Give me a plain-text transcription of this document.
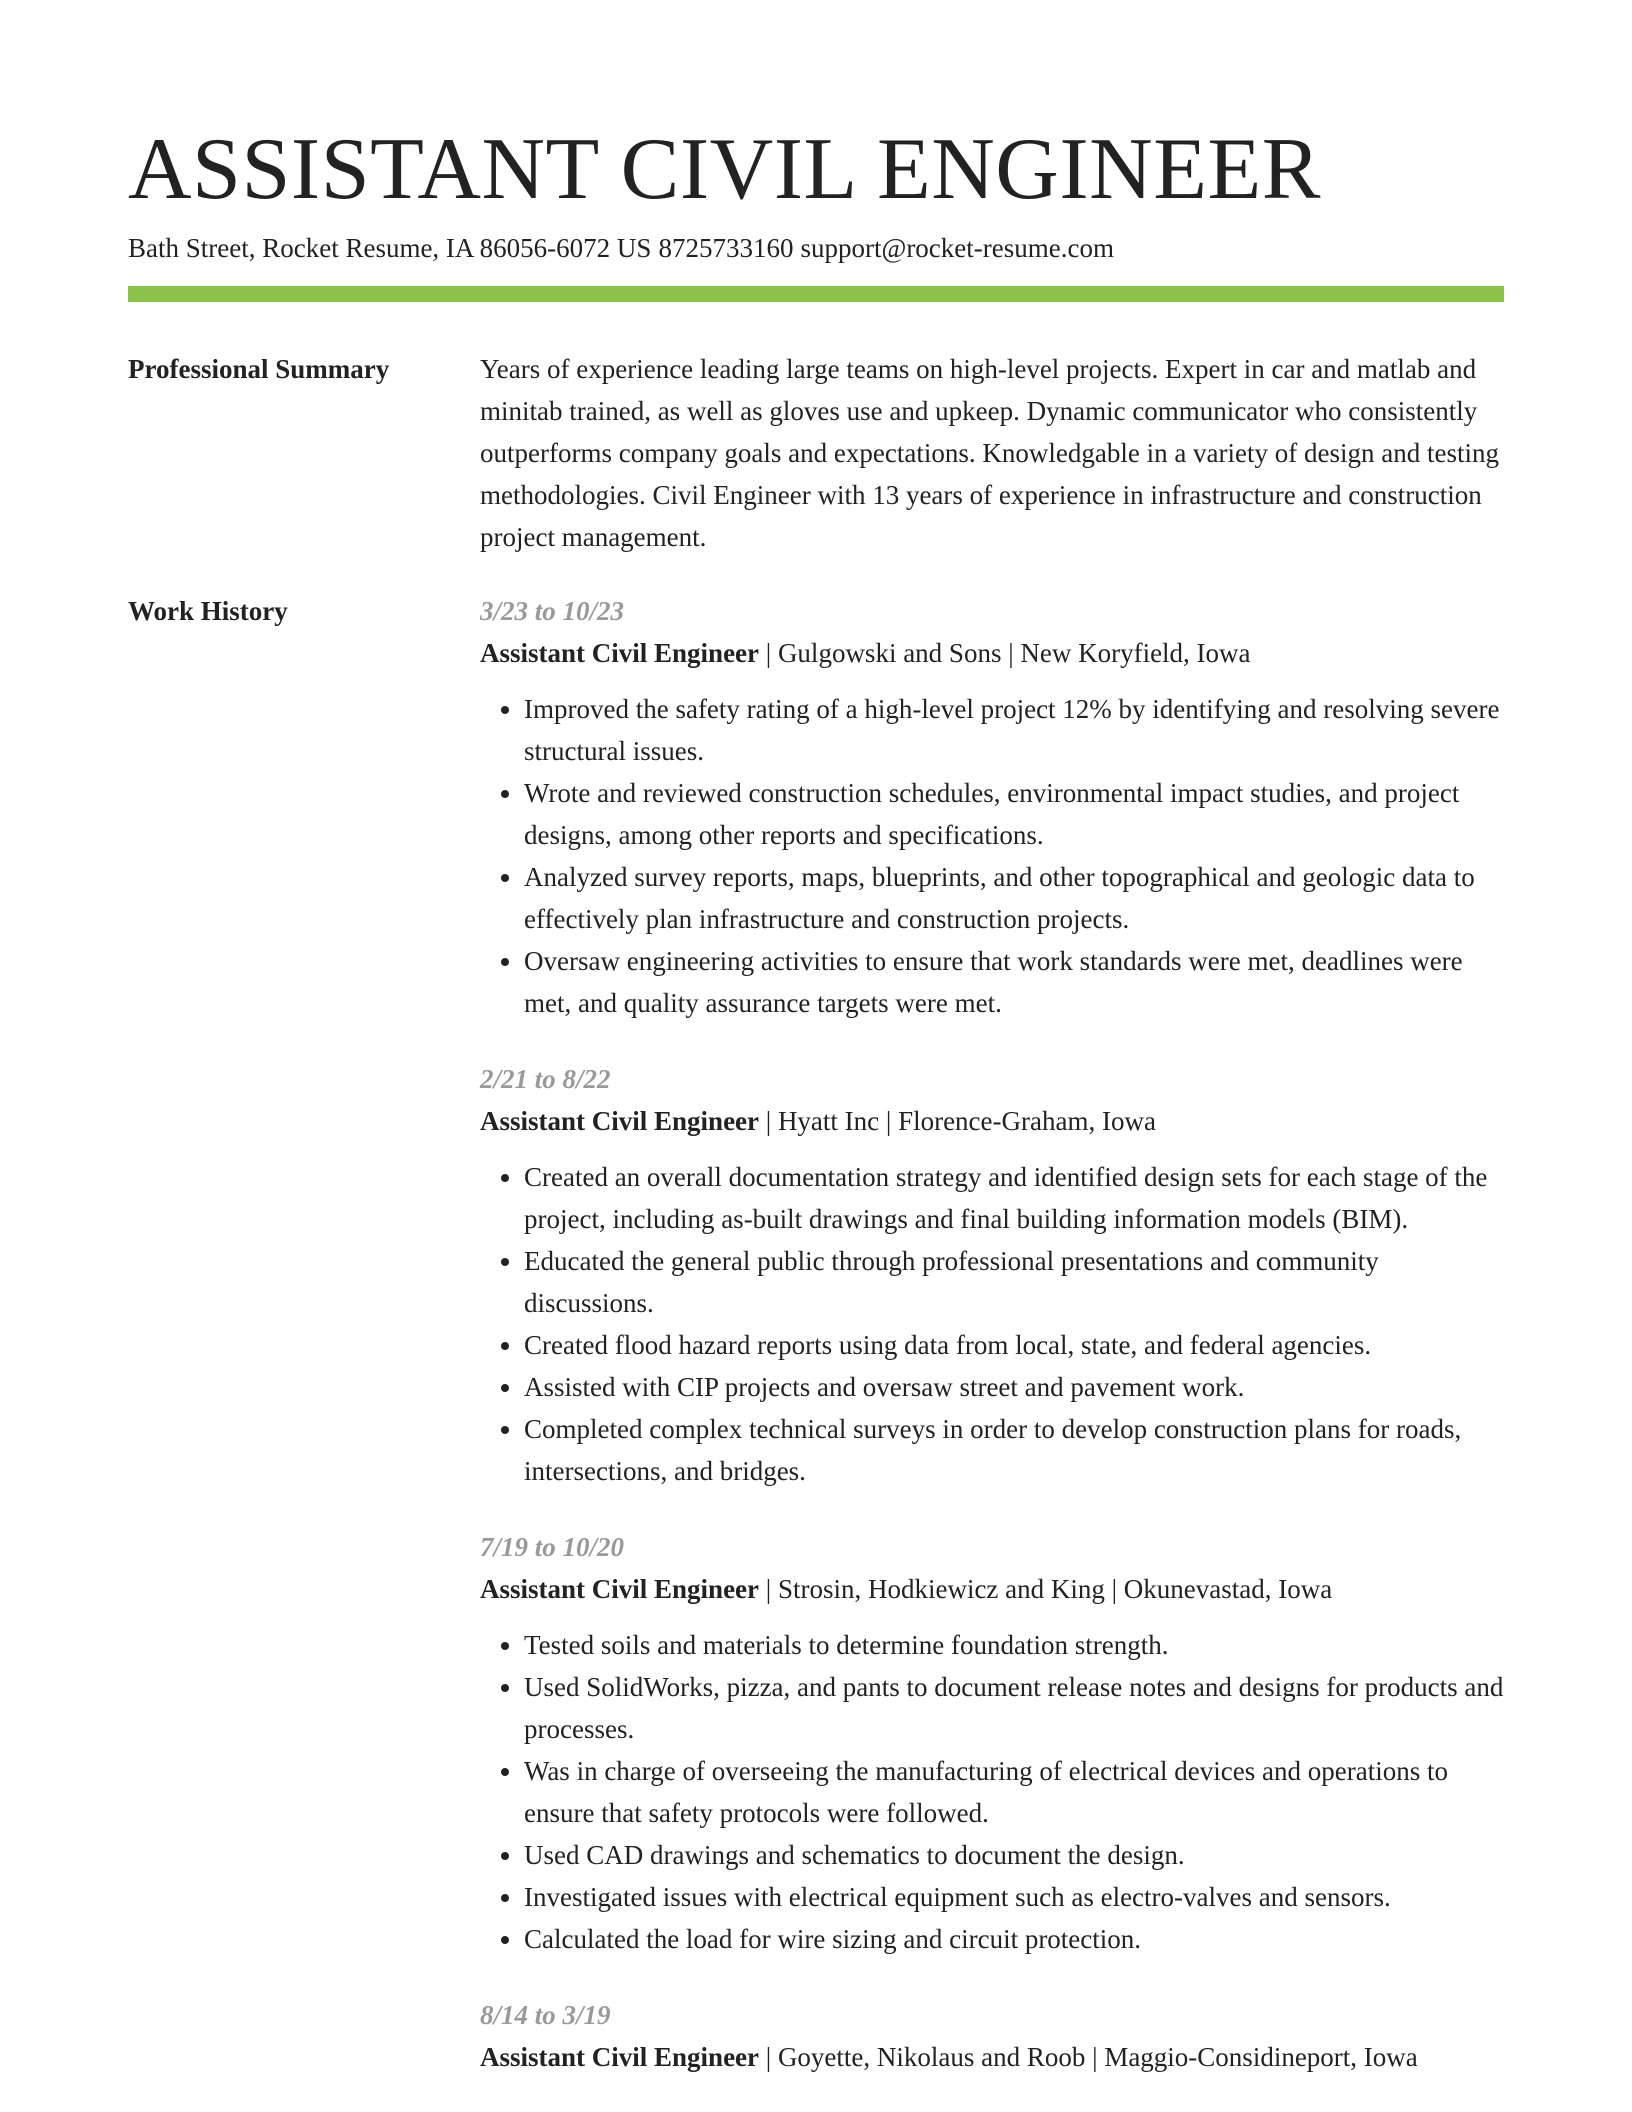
ASSISTANT CIVIL ENGINEER
Bath Street, Rocket Resume, IA 86056-6072 US 8725733160 support@rocket-resume.com
Professional Summary	Years of experience leading large teams on high-level projects. Expert in car and matlab and minitab trained, as well as gloves use and upkeep. Dynamic communicator who consistently outperforms company goals and expectations. Knowledgable in a variety of design and testing methodologies. Civil Engineer with 13 years of experience in infrastructure and construction project management.
Work History	3/23 to 10/23
Assistant Civil Engineer | Gulgowski and Sons | New Koryfield, Iowa
• Improved the safety rating of a high-level project 12% by identifying and resolving severe structural issues.
• Wrote and reviewed construction schedules, environmental impact studies, and project designs, among other reports and specifications.
• Analyzed survey reports, maps, blueprints, and other topographical and geologic data to effectively plan infrastructure and construction projects.
• Oversaw engineering activities to ensure that work standards were met, deadlines were met, and quality assurance targets were met.
2/21 to 8/22
Assistant Civil Engineer | Hyatt Inc | Florence-Graham, Iowa
• Created an overall documentation strategy and identified design sets for each stage of the project, including as-built drawings and final building information models (BIM).
• Educated the general public through professional presentations and community discussions.
• Created flood hazard reports using data from local, state, and federal agencies.
• Assisted with CIP projects and oversaw street and pavement work.
• Completed complex technical surveys in order to develop construction plans for roads, intersections, and bridges.
7/19 to 10/20
Assistant Civil Engineer | Strosin, Hodkiewicz and King | Okunevastad, Iowa
• Tested soils and materials to determine foundation strength.
• Used SolidWorks, pizza, and pants to document release notes and designs for products and processes.
• Was in charge of overseeing the manufacturing of electrical devices and operations to ensure that safety protocols were followed.
• Used CAD drawings and schematics to document the design.
• Investigated issues with electrical equipment such as electro-valves and sensors.
• Calculated the load for wire sizing and circuit protection.
8/14 to 3/19
Assistant Civil Engineer | Goyette, Nikolaus and Roob | Maggio-Considineport, Iowa
